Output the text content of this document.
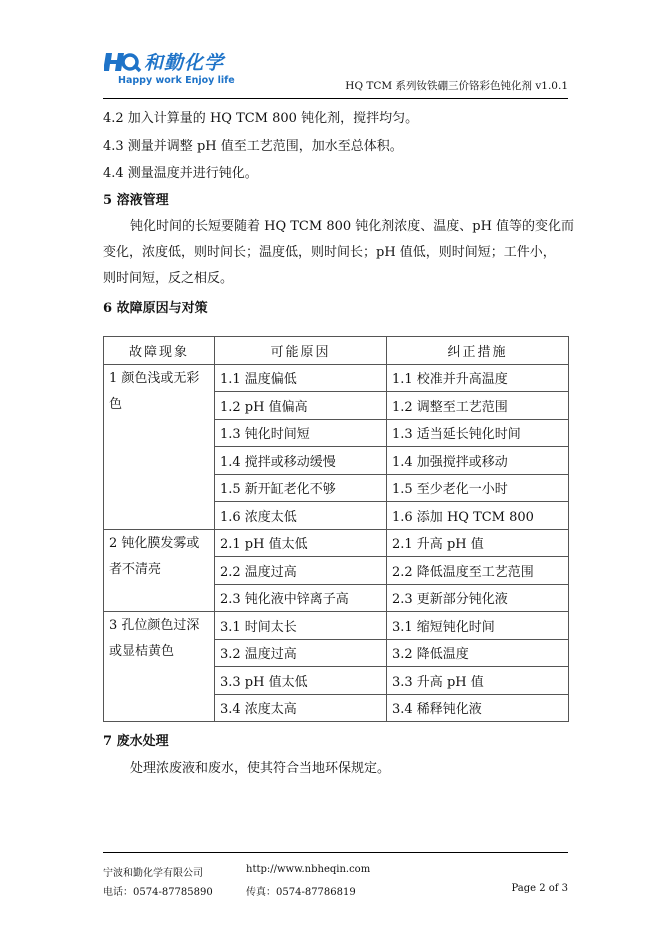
和勤化学
Happy work Enjoy life	HQ TCM 系列钕铁硼三价铬彩色钝化剂 v1.0.1
4.2 加入计算量的 HQ TCM 800 钝化剂，搅拌均匀。
4.3 测量并调整 pH 值至工艺范围，加水至总体积。
4.4 测量温度并进行钝化。
5 溶液管理
钝化时间的长短要随着 HQ TCM 800 钝化剂浓度、温度、pH 值等的变化而
变化，浓度低，则时间长；温度低，则时间长；pH 值低，则时间短；工件小，
则时间短，反之相反。
6 故障原因与对策
故障现象	可能原因	纠正措施
1 颜色浅或无彩色	1.1 温度偏低	1.1 校准并升高温度
	1.2 pH 值偏高	1.2 调整至工艺范围
	1.3 钝化时间短	1.3 适当延长钝化时间
	1.4 搅拌或移动缓慢	1.4 加强搅拌或移动
	1.5 新开缸老化不够	1.5 至少老化一小时
	1.6 浓度太低	1.6 添加 HQ TCM 800
2 钝化膜发雾或者不清亮	2.1 pH 值太低	2.1 升高 pH 值
	2.2 温度过高	2.2 降低温度至工艺范围
	2.3 钝化液中锌离子高	2.3 更新部分钝化液
3 孔位颜色过深或显桔黄色	3.1 时间太长	3.1 缩短钝化时间
	3.2 温度过高	3.2 降低温度
	3.3 pH 值太低	3.3 升高 pH 值
	3.4 浓度太高	3.4 稀释钝化液
7 废水处理
处理浓废液和废水，使其符合当地环保规定。
宁波和勤化学有限公司	http://www.nbheqin.com
电话：0574-87785890	传真：0574-87786819	Page 2 of 3
